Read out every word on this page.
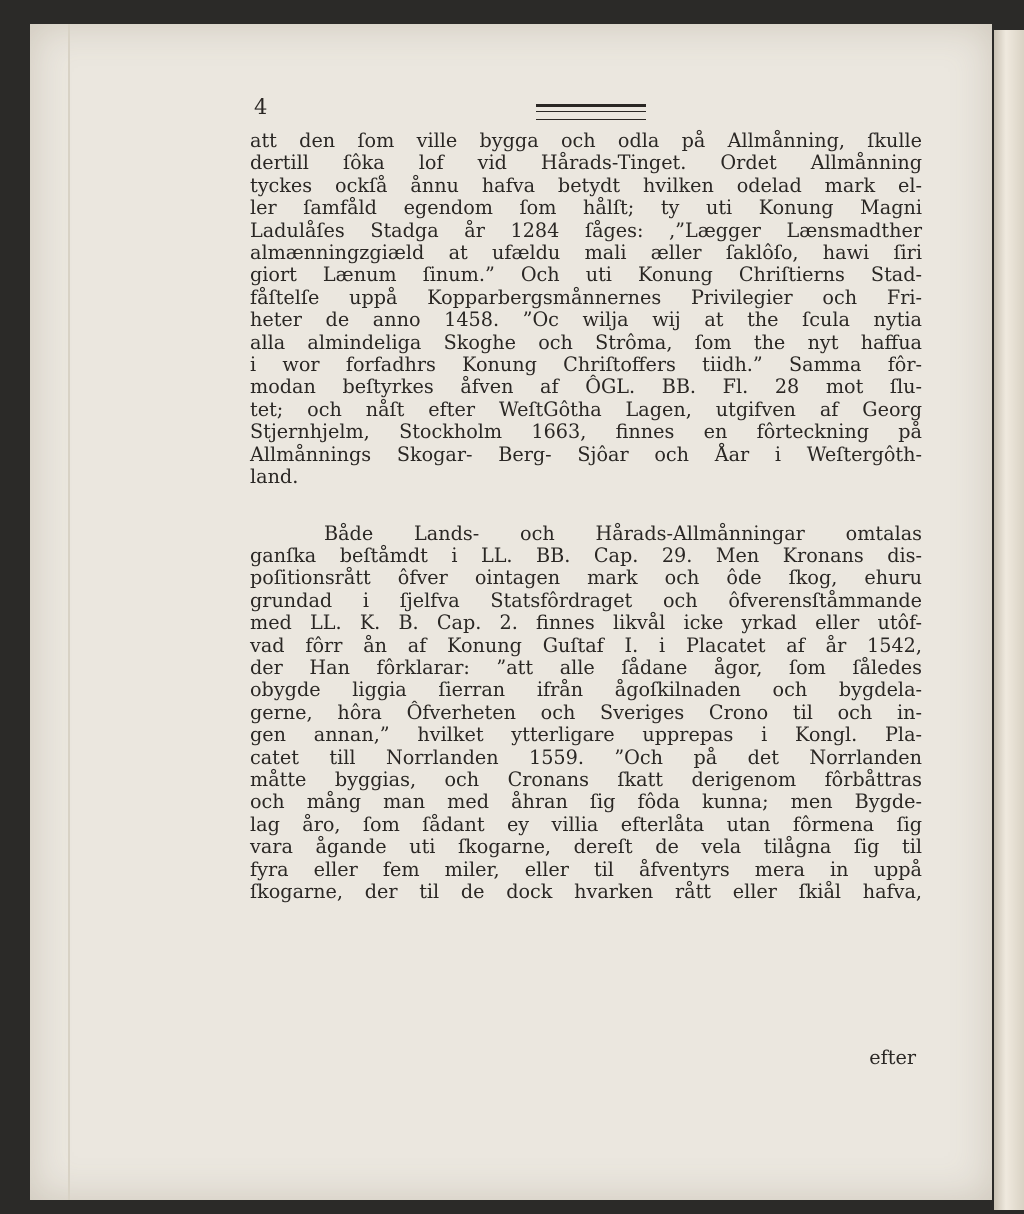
4

att den ſom ville bygga och odla på Allmånning, ſkulle
dertill ſôka lof vid Hårads-Tinget. Ordet Allmånning
tyckes ockſå ånnu hafva betydt hvilken odelad mark el-
ler ſamfåld egendom ſom hålſt; ty uti Konung Magni
Ladulåſes Stadga år 1284 ſåges: ,”Lægger Lænsmadther
almænningzgiæld at ufældu mali æller ſaklôſo, hawi ſiri
giort Lænum ſinum.” Och uti Konung Chriſtierns Stad-
fåſtelſe uppå Kopparbergsmånnernes Privilegier och Fri-
heter de anno 1458. ”Oc wilja wij at the ſcula nytia
alla almindeliga Skoghe och Strôma, ſom the nyt haffua
i wor forfadhrs Konung Chriſtoffers tiidh.” Samma fôr-
modan beſtyrkes åfven af ÔGL. BB. Fl. 28 mot ſlu-
tet; och nåſt efter WeſtGôtha Lagen, utgifven af Georg
Stjernhjelm, Stockholm 1663, finnes en fôrteckning på
Allmånnings Skogar- Berg- Sjôar och Åar i Weſtergôth-
land.

Både Lands- och Hårads-Allmånningar omtalas
ganſka beſtåmdt i LL. BB. Cap. 29. Men Kronans dis-
poſitionsrått ôfver ointagen mark och ôde ſkog, ehuru
grundad i ſjelfva Statsfôrdraget och ôfverensſtåmmande
med LL. K. B. Cap. 2. finnes likvål icke yrkad eller utôf-
vad fôrr ån af Konung Guſtaf I. i Placatet af år 1542,
der Han fôrklarar: ”att alle ſådane ågor, ſom ſåledes
obygde liggia ſierran ifrån ågoſkilnaden och bygdela-
gerne, hôra Ôfverheten och Sveriges Crono til och in-
gen annan,” hvilket ytterligare upprepas i Kongl. Pla-
catet till Norrlanden 1559. ”Och på det Norrlanden
måtte byggias, och Cronans ſkatt derigenom fôrbåttras
och mång man med åhran ſig fôda kunna; men Bygde-
lag åro, ſom ſådant ey villia efterlåta utan fôrmena ſig
vara ågande uti ſkogarne, dereſt de vela tilågna ſig til
fyra eller fem miler, eller til åfventyrs mera in uppå
ſkogarne, der til de dock hvarken rått eller ſkiål hafva,

efter
